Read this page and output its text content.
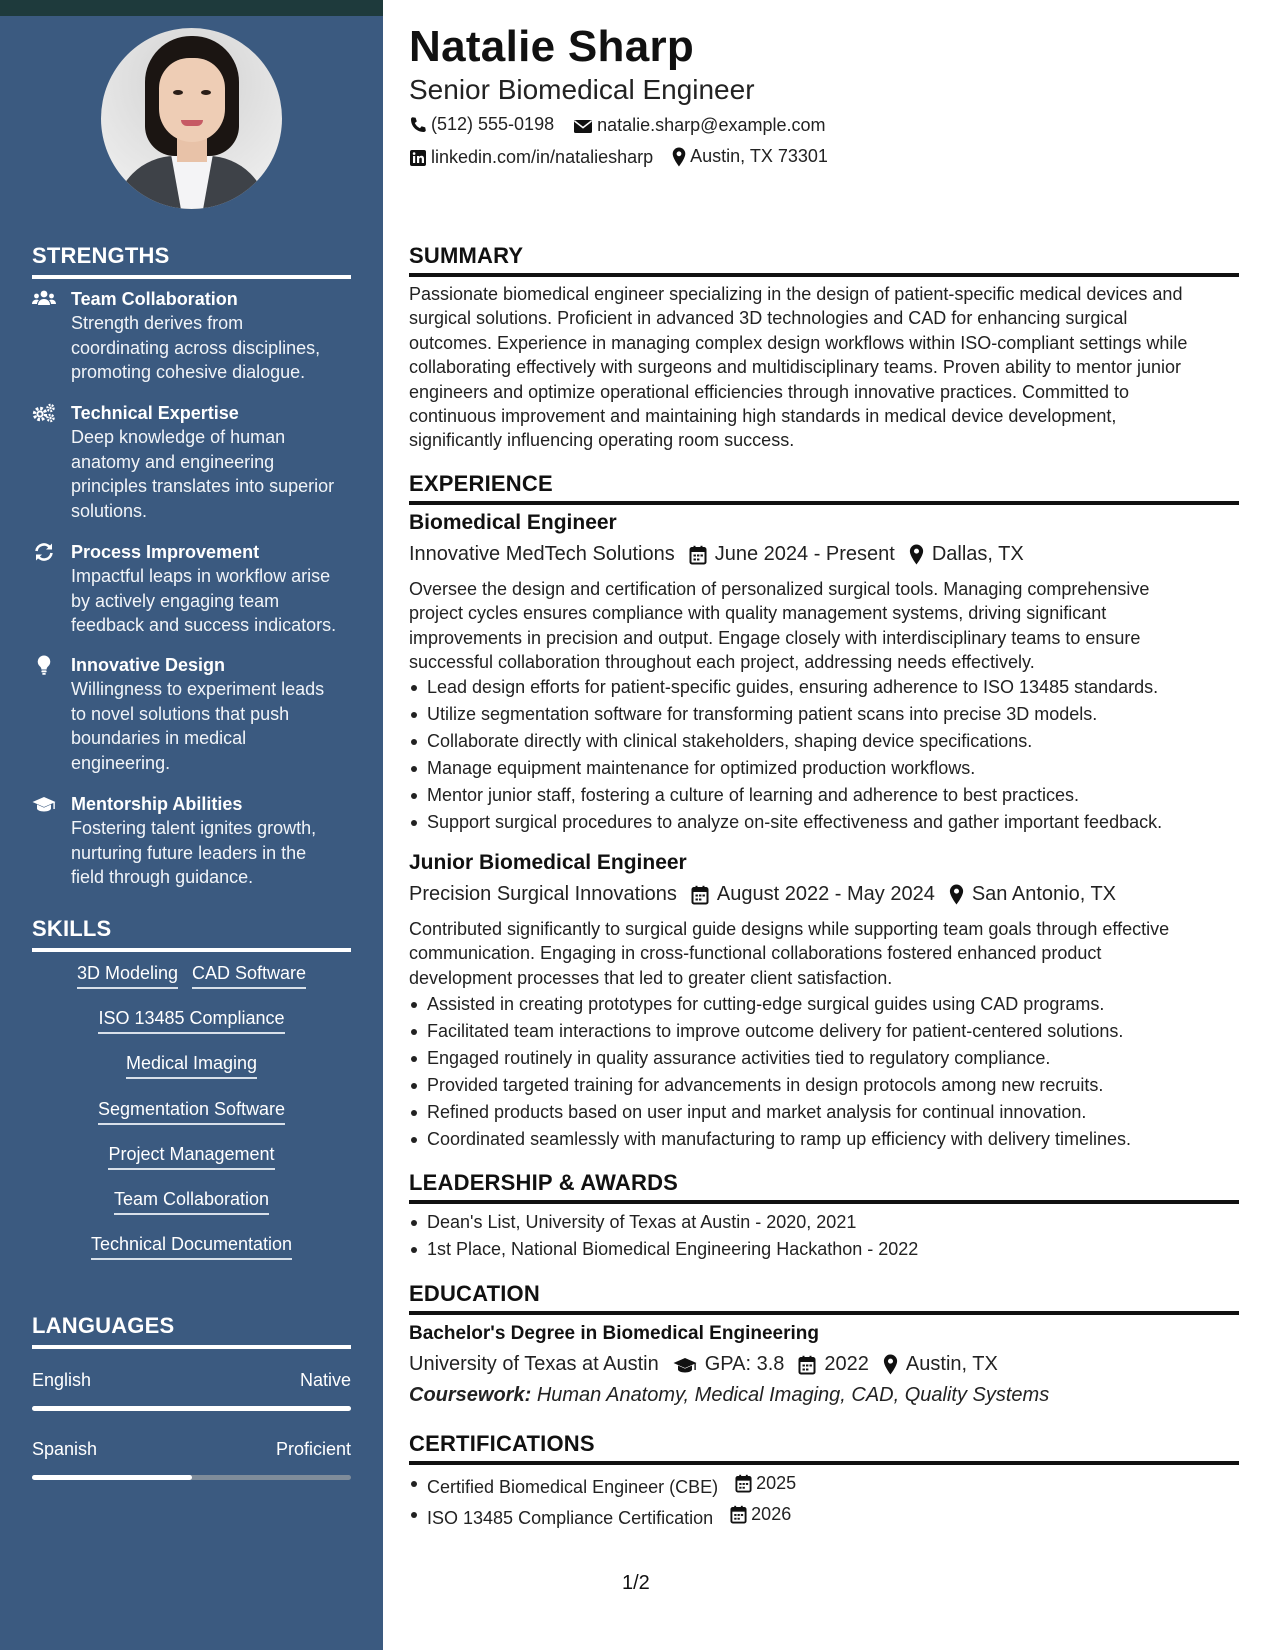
STRENGTHS
Team Collaboration
Strength derives from
coordinating across disciplines,
promoting cohesive dialogue.
Technical Expertise
Deep knowledge of human
anatomy and engineering
principles translates into superior
solutions.
Process Improvement
Impactful leaps in workflow arise
by actively engaging team
feedback and success indicators.
Innovative Design
Willingness to experiment leads
to novel solutions that push
boundaries in medical
engineering.
Mentorship Abilities
Fostering talent ignites growth,
nurturing future leaders in the
field through guidance.
SKILLS
3D Modeling CAD Software
ISO 13485 Compliance
Medical Imaging
Segmentation Software
Project Management
Team Collaboration
Technical Documentation
LANGUAGES
English	Native
Spanish	Proficient
Natalie Sharp
Senior Biomedical Engineer
(512) 555-0198
natalie.sharp@example.com
linkedin.com/in/nataliesharp
Austin, TX 73301
SUMMARY
Passionate biomedical engineer specializing in the design of patient-specific medical devices and
surgical solutions. Proficient in advanced 3D technologies and CAD for enhancing surgical
outcomes. Experience in managing complex design workflows within ISO-compliant settings while
collaborating effectively with surgeons and multidisciplinary teams. Proven ability to mentor junior
engineers and optimize operational efficiencies through innovative practices. Committed to
continuous improvement and maintaining high standards in medical device development,
significantly influencing operating room success.
EXPERIENCE
Biomedical Engineer
Innovative MedTech Solutions June 2024 - Present Dallas, TX
Oversee the design and certification of personalized surgical tools. Managing comprehensive
project cycles ensures compliance with quality management systems, driving significant
improvements in precision and output. Engage closely with interdisciplinary teams to ensure
successful collaboration throughout each project, addressing needs effectively.
Lead design efforts for patient-specific guides, ensuring adherence to ISO 13485 standards.
Utilize segmentation software for transforming patient scans into precise 3D models.
Collaborate directly with clinical stakeholders, shaping device specifications.
Manage equipment maintenance for optimized production workflows.
Mentor junior staff, fostering a culture of learning and adherence to best practices.
Support surgical procedures to analyze on-site effectiveness and gather important feedback.
Junior Biomedical Engineer
Precision Surgical Innovations August 2022 - May 2024 San Antonio, TX
Contributed significantly to surgical guide designs while supporting team goals through effective
communication. Engaging in cross-functional collaborations fostered enhanced product
development processes that led to greater client satisfaction.
Assisted in creating prototypes for cutting-edge surgical guides using CAD programs.
Facilitated team interactions to improve outcome delivery for patient-centered solutions.
Engaged routinely in quality assurance activities tied to regulatory compliance.
Provided targeted training for advancements in design protocols among new recruits.
Refined products based on user input and market analysis for continual innovation.
Coordinated seamlessly with manufacturing to ramp up efficiency with delivery timelines.
LEADERSHIP & AWARDS
Dean's List, University of Texas at Austin - 2020, 2021
1st Place, National Biomedical Engineering Hackathon - 2022
EDUCATION
Bachelor's Degree in Biomedical Engineering
University of Texas at Austin GPA: 3.8 2022 Austin, TX
Coursework: Human Anatomy, Medical Imaging, CAD, Quality Systems
CERTIFICATIONS
Certified Biomedical Engineer (CBE) 2025
ISO 13485 Compliance Certification 2026
1/2
